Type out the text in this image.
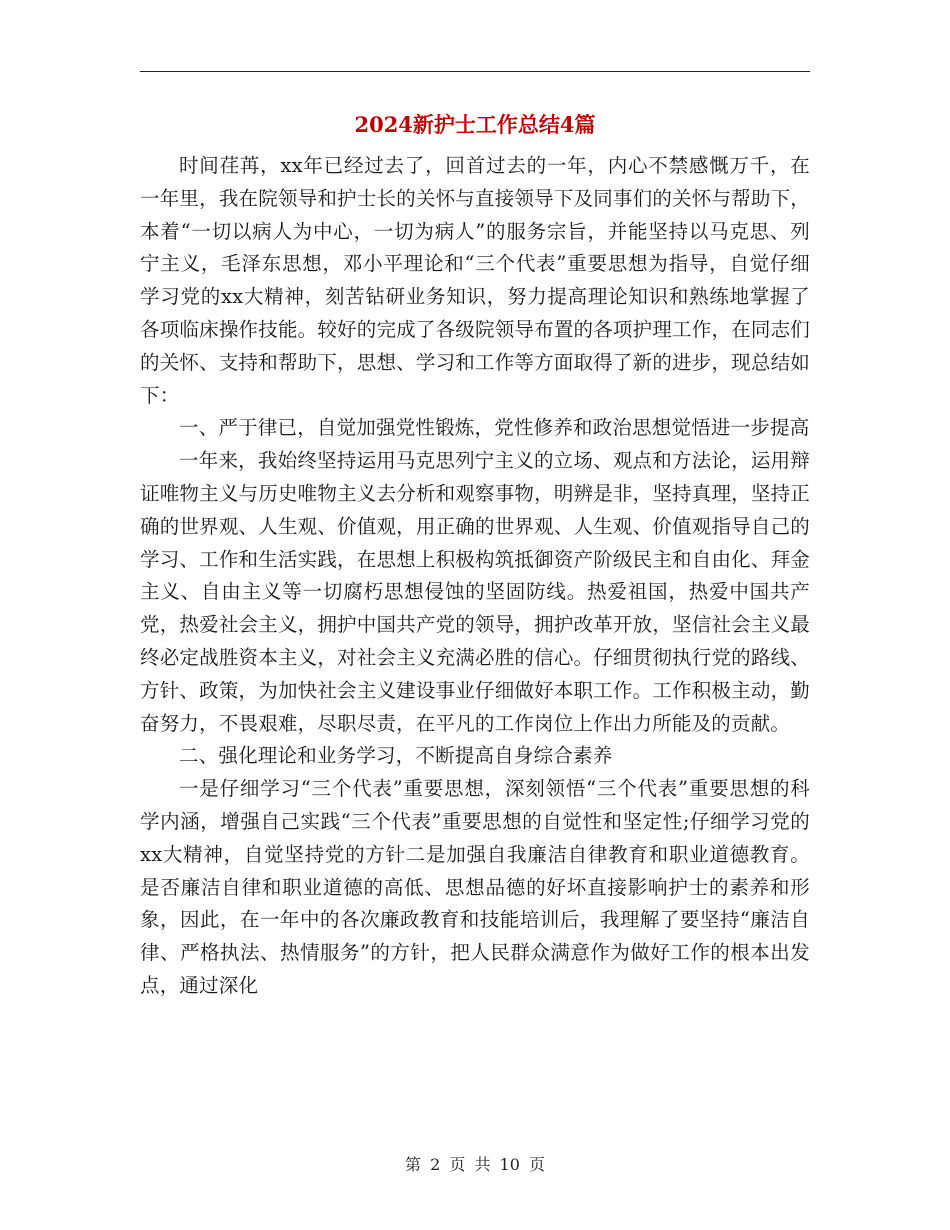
2024新护士工作总结4篇

时间荏苒，xx年已经过去了，回首过去的一年，内心不禁感慨万千，在一年里，我在院领导和护士长的关怀与直接领导下及同事们的关怀与帮助下，本着“一切以病人为中心，一切为病人”的服务宗旨，并能坚持以马克思、列宁主义，毛泽东思想，邓小平理论和“三个代表”重要思想为指导，自觉仔细学习党的xx大精神，刻苦钻研业务知识，努力提高理论知识和熟练地掌握了各项临床操作技能。较好的完成了各级院领导布置的各项护理工作，在同志们的关怀、支持和帮助下，思想、学习和工作等方面取得了新的进步，现总结如下：

一、严于律已，自觉加强党性锻炼，党性修养和政治思想觉悟进一步提高

一年来，我始终坚持运用马克思列宁主义的立场、观点和方法论，运用辩证唯物主义与历史唯物主义去分析和观察事物，明辨是非，坚持真理，坚持正确的世界观、人生观、价值观，用正确的世界观、人生观、价值观指导自己的学习、工作和生活实践，在思想上积极构筑抵御资产阶级民主和自由化、拜金主义、自由主义等一切腐朽思想侵蚀的坚固防线。热爱祖国，热爱中国共产党，热爱社会主义，拥护中国共产党的领导，拥护改革开放，坚信社会主义最终必定战胜资本主义，对社会主义充满必胜的信心。仔细贯彻执行党的路线、方针、政策，为加快社会主义建设事业仔细做好本职工作。工作积极主动，勤奋努力，不畏艰难，尽职尽责，在平凡的工作岗位上作出力所能及的贡献。

二、强化理论和业务学习，不断提高自身综合素养

一是仔细学习“三个代表”重要思想，深刻领悟“三个代表”重要思想的科学内涵，增强自己实践“三个代表”重要思想的自觉性和坚定性;仔细学习党的xx大精神，自觉坚持党的方针二是加强自我廉洁自律教育和职业道德教育。是否廉洁自律和职业道德的高低、思想品德的好坏直接影响护士的素养和形象，因此，在一年中的各次廉政教育和技能培训后，我理解了要坚持“廉洁自律、严格执法、热情服务”的方针，把人民群众满意作为做好工作的根本出发点，通过深化

第 2 页 共 10 页
